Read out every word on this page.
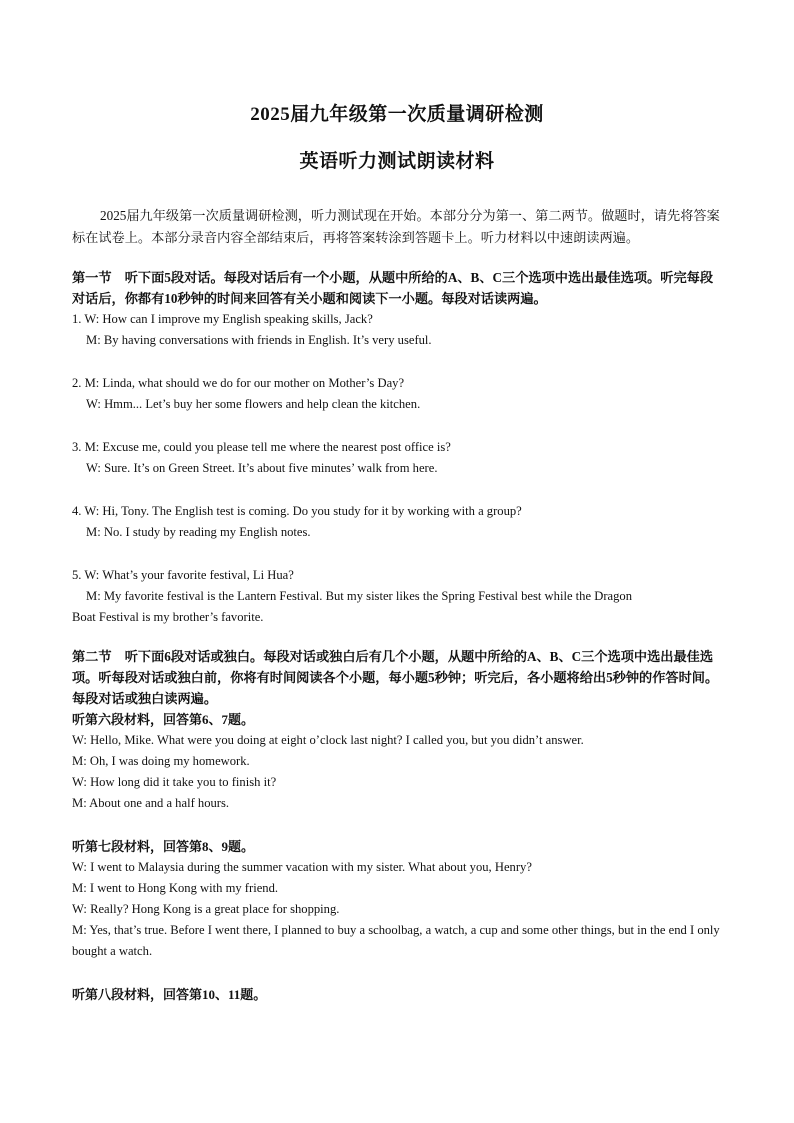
2025届九年级第一次质量调研检测
英语听力测试朗读材料

2025届九年级第一次质量调研检测，听力测试现在开始。本部分分为第一、第二两节。做题时，请先将答案标在试卷上。本部分录音内容全部结束后，再将答案转涂到答题卡上。听力材料以中速朗读两遍。

第一节　听下面5段对话。每段对话后有一个小题，从题中所给的A、B、C三个选项中选出最佳选项。听完每段对话后，你都有10秒钟的时间来回答有关小题和阅读下一小题。每段对话读两遍。

1. W: How can I improve my English speaking skills, Jack?

M: By having conversations with friends in English. It’s very useful.

2. M: Linda, what should we do for our mother on Mother’s Day?

W: Hmm... Let’s buy her some flowers and help clean the kitchen.

3. M: Excuse me, could you please tell me where the nearest post office is?

W: Sure. It’s on Green Street. It’s about five minutes’ walk from here.

4. W: Hi, Tony. The English test is coming. Do you study for it by working with a group?

M: No. I study by reading my English notes.

5. W: What’s your favorite festival, Li Hua?

M: My favorite festival is the Lantern Festival. But my sister likes the Spring Festival best while the Dragon

Boat Festival is my brother’s favorite.

第二节　听下面6段对话或独白。每段对话或独白后有几个小题，从题中所给的A、B、C三个选项中选出最佳选项。听每段对话或独白前，你将有时间阅读各个小题，每小题5秒钟；听完后，各小题将给出5秒钟的作答时间。每段对话或独白读两遍。

听第六段材料，回答第6、7题。

W: Hello, Mike. What were you doing at eight o’clock last night? I called you, but you didn’t answer.

M: Oh, I was doing my homework.

W: How long did it take you to finish it?

M: About one and a half hours.

听第七段材料，回答第8、9题。

W: I went to Malaysia during the summer vacation with my sister. What about you, Henry?

M: I went to Hong Kong with my friend.

W: Really? Hong Kong is a great place for shopping.

M: Yes, that’s true. Before I went there, I planned to buy a schoolbag, a watch, a cup and some other things, but in the end I only bought a watch.

听第八段材料，回答第10、11题。
